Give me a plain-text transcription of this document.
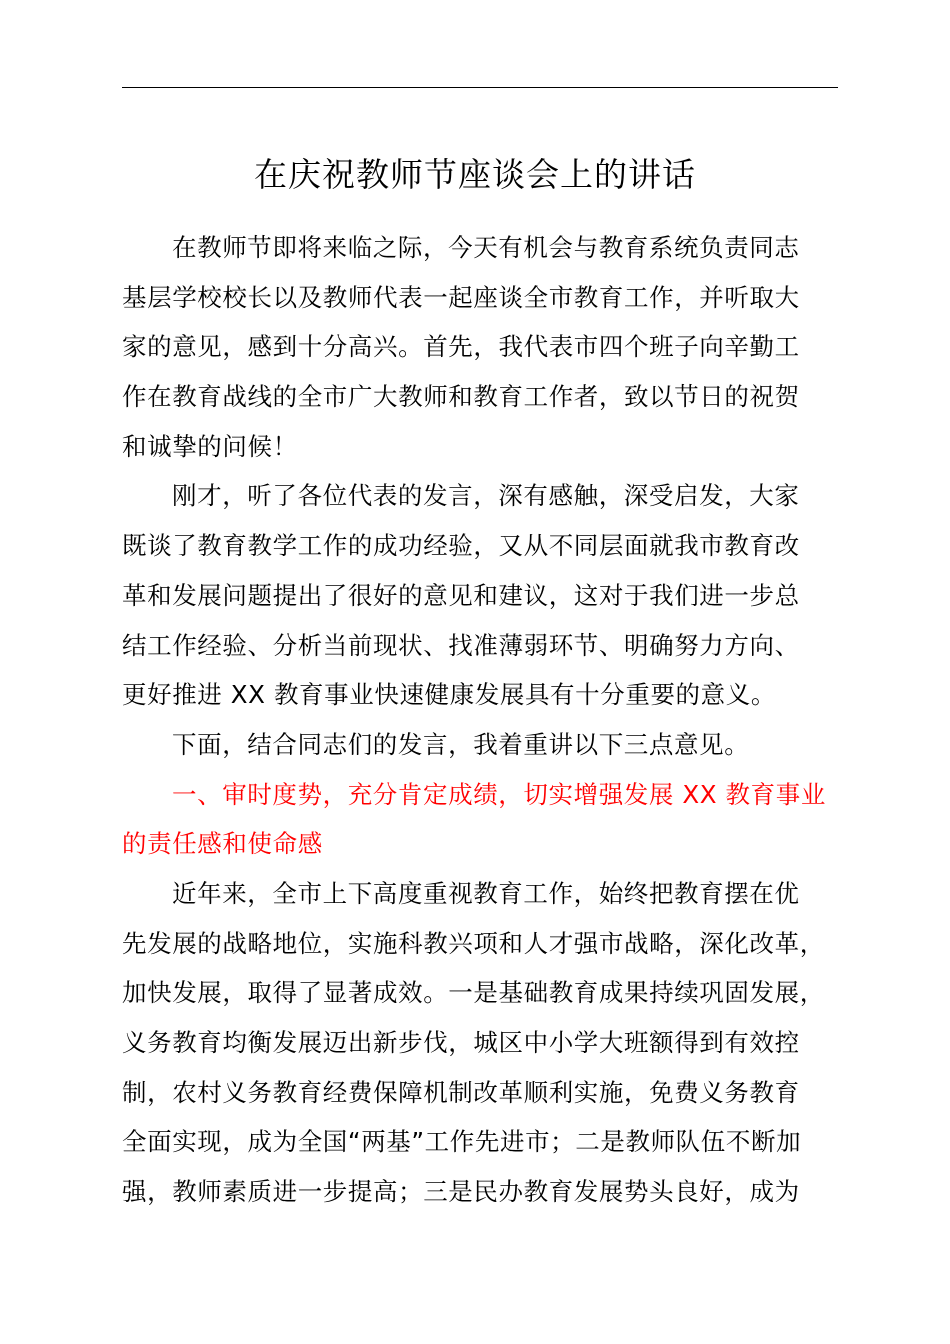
在庆祝教师节座谈会上的讲话
在教师节即将来临之际，今天有机会与教育系统负责同志
基层学校校长以及教师代表一起座谈全市教育工作，并听取大
家的意见，感到十分高兴。首先，我代表市四个班子向辛勤工
作在教育战线的全市广大教师和教育工作者，致以节日的祝贺
和诚挚的问候！
刚才，听了各位代表的发言，深有感触，深受启发，大家
既谈了教育教学工作的成功经验，又从不同层面就我市教育改
革和发展问题提出了很好的意见和建议，这对于我们进一步总
结工作经验、分析当前现状、找准薄弱环节、明确努力方向、
更好推进 XX 教育事业快速健康发展具有十分重要的意义。
下面，结合同志们的发言，我着重讲以下三点意见。
一、审时度势，充分肯定成绩，切实增强发展 XX 教育事业
的责任感和使命感
近年来，全市上下高度重视教育工作，始终把教育摆在优
先发展的战略地位，实施科教兴项和人才强市战略，深化改革，
加快发展，取得了显著成效。一是基础教育成果持续巩固发展，
义务教育均衡发展迈出新步伐，城区中小学大班额得到有效控
制，农村义务教育经费保障机制改革顺利实施，免费义务教育
全面实现，成为全国“两基”工作先进市；二是教师队伍不断加
强，教师素质进一步提高；三是民办教育发展势头良好，成为
